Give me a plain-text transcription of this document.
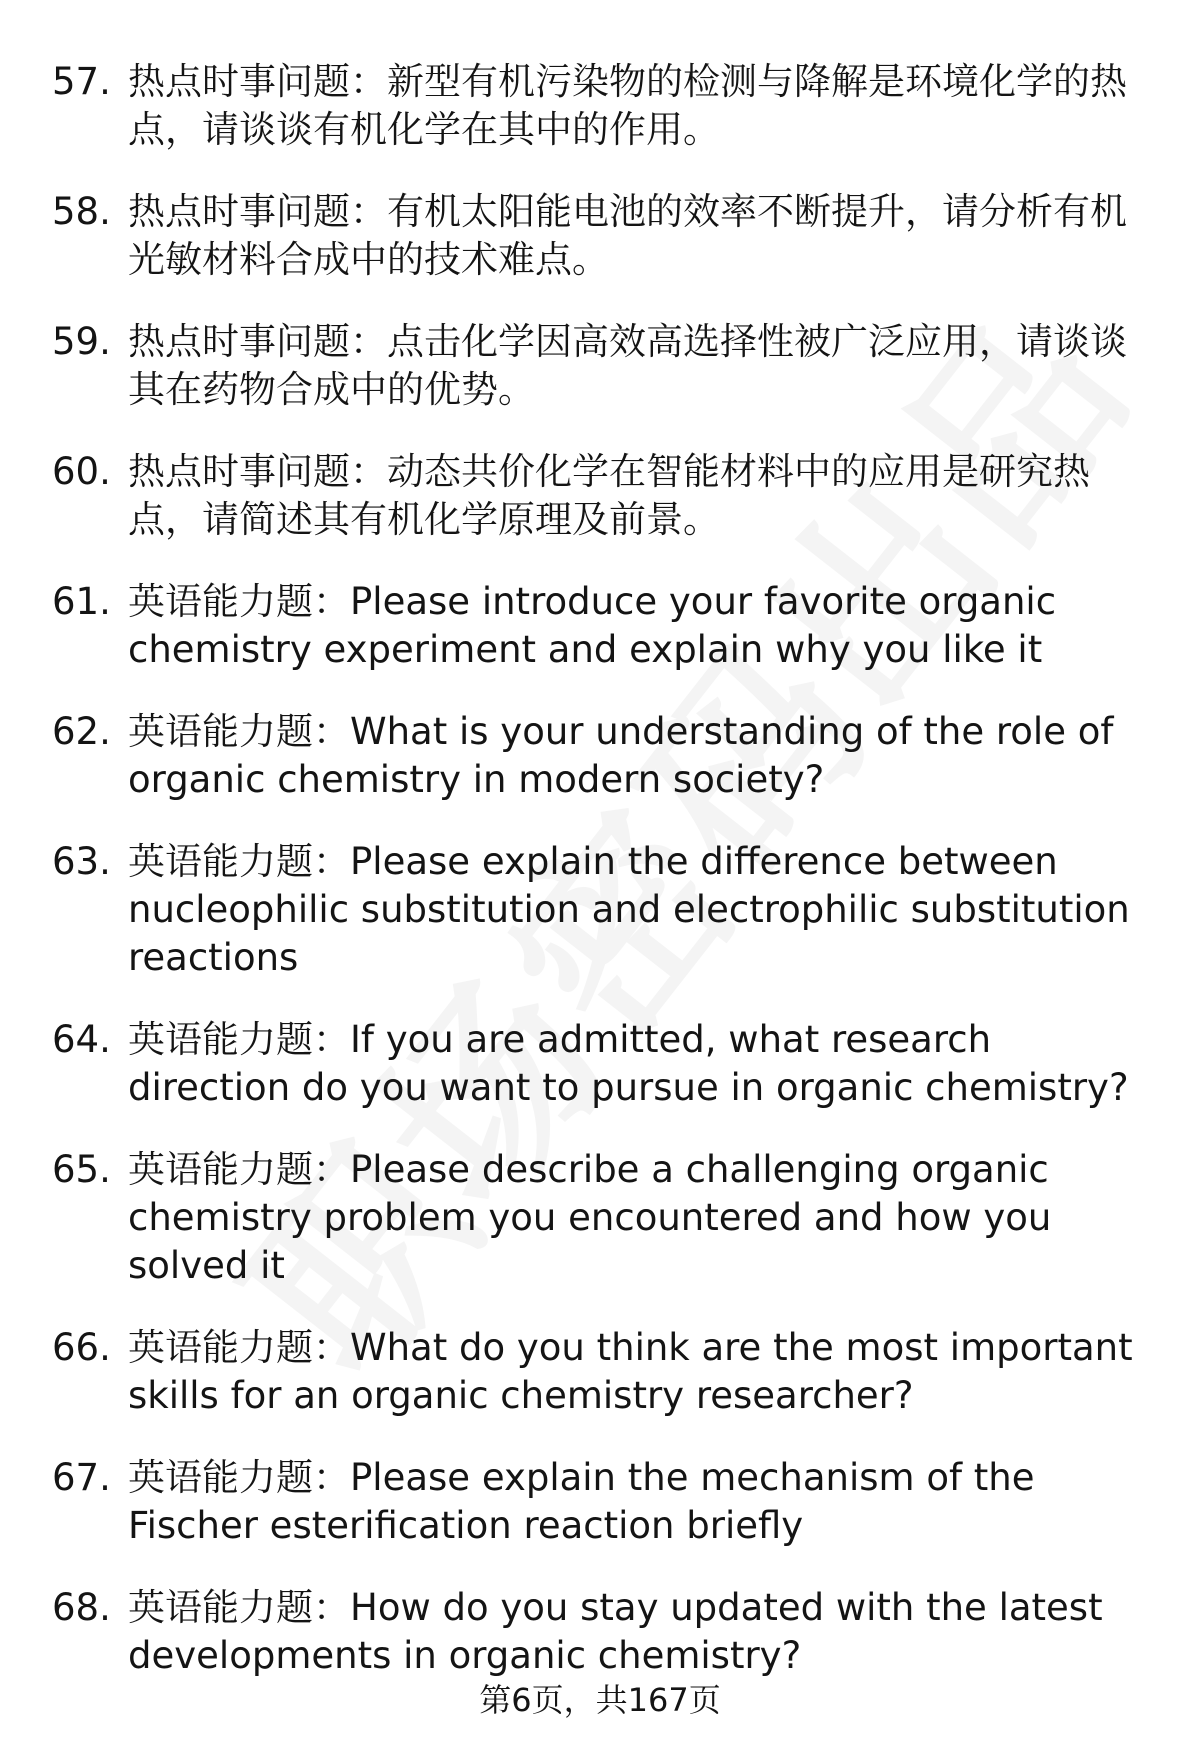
57. 热点时事问题：新型有机污染物的检测与降解是环境化学的热点，请谈谈有机化学在其中的作用。
58. 热点时事问题：有机太阳能电池的效率不断提升，请分析有机光敏材料合成中的技术难点。
59. 热点时事问题：点击化学因高效高选择性被广泛应用，请谈谈其在药物合成中的优势。
60. 热点时事问题：动态共价化学在智能材料中的应用是研究热点，请简述其有机化学原理及前景。
61. 英语能力题：Please introduce your favorite organic chemistry experiment and explain why you like it
62. 英语能力题：What is your understanding of the role of organic chemistry in modern society?
63. 英语能力题：Please explain the difference between nucleophilic substitution and electrophilic substitution reactions
64. 英语能力题：If you are admitted, what research direction do you want to pursue in organic chemistry?
65. 英语能力题：Please describe a challenging organic chemistry problem you encountered and how you solved it
66. 英语能力题：What do you think are the most important skills for an organic chemistry researcher?
67. 英语能力题：Please explain the mechanism of the Fischer esterification reaction briefly
68. 英语能力题：How do you stay updated with the latest developments in organic chemistry?
第6页，共167页
